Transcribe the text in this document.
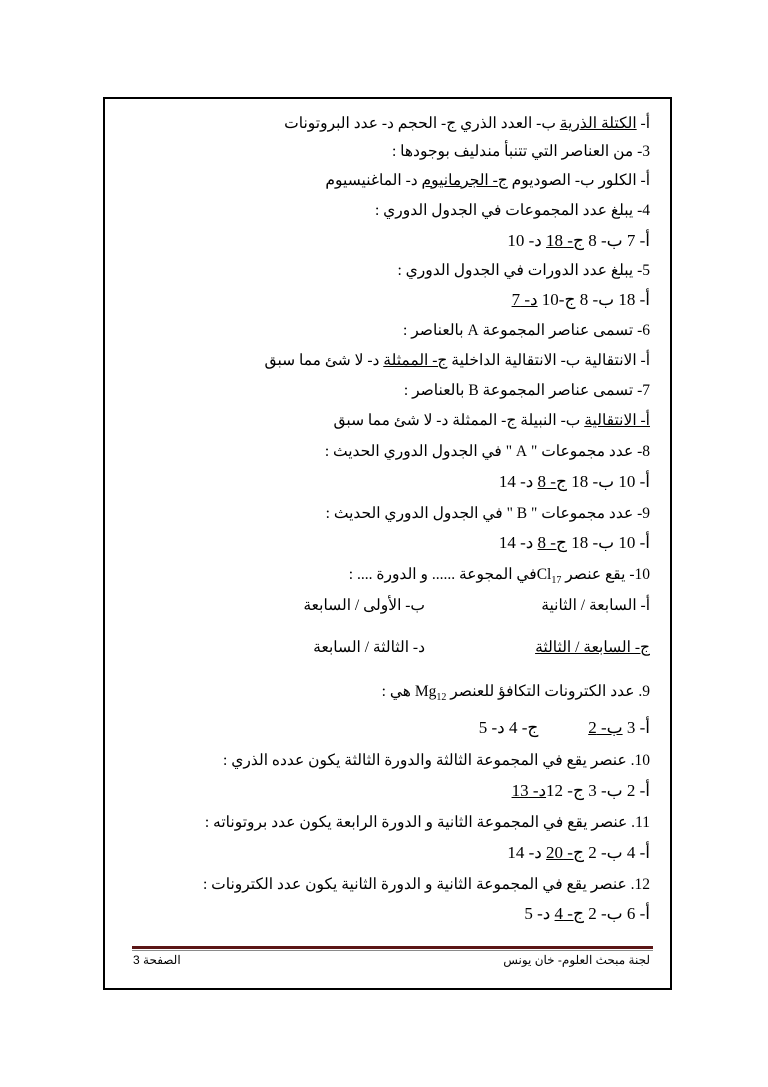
أ- الكتلة الذرية ب- العدد الذري ج- الحجم د- عدد البروتونات
3- من العناصر التي تتنبأ مندليف بوجودها :
أ- الكلور ب- الصوديوم ج- الجرمانيوم د- الماغنيسيوم
4- يبلغ عدد المجموعات في الجدول الدوري :
أ- 7 ب- 8 ج- 18 د- 10
5- يبلغ عدد الدورات في الجدول الدوري :
أ- 18 ب- 8 ج-10 د- 7
6- تسمى عناصر المجموعة A بالعناصر :
أ- الانتقالية ب- الانتقالية الداخلية ج- الممثلة د- لا شئ مما سبق
7- تسمى عناصر المجموعة B بالعناصر :
أ- الانتقالية ب- النبيلة ج- الممثلة د- لا شئ مما سبق
8- عدد مجموعات " A " في الجدول الدوري الحديث :
أ- 10 ب- 18 ج- 8 د- 14
9- عدد مجموعات " B " في الجدول الدوري الحديث :
أ- 10 ب- 18 ج- 8 د- 14
10- يقع عنصر $Cl_{17}في$ المجوعة ...... و الدورة .... :
أ- السابعة / الثانية
ب- الأولى / السابعة
ج- السابعة / الثالثة
د- الثالثة / السابعة
9. عدد الكترونات التكافؤ للعنصر $Mg_{12}$ هي :
أ- 3 ب- 2 ج- 4 د- 5
10. عنصر يقع في المجموعة الثالثة والدورة الثالثة يكون عدده الذري :
أ- 2 ب- 3 ج- 12د- 13
11. عنصر يقع في المجموعة الثانية و الدورة الرابعة يكون عدد بروتوناته :
أ- 4 ب- 2 ج- 20 د- 14
12. عنصر يقع في المجموعة الثانية و الدورة الثانية يكون عدد الكترونات :
أ- 6 ب- 2 ج- 4 د- 5
لجنة مبحث العلوم- خان يونس
الصفحة 3
